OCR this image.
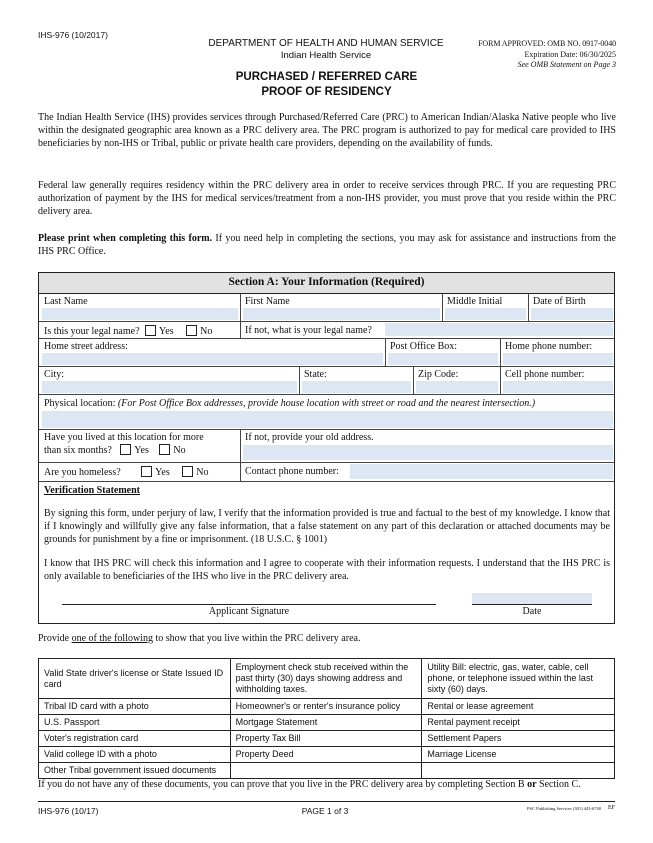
IHS-976 (10/2017)
DEPARTMENT OF HEALTH AND HUMAN SERVICE
Indian Health Service
FORM APPROVED: OMB NO. 0917-0040
Expiration Date: 06/30/2025
See OMB Statement on Page 3
PURCHASED / REFERRED CARE
PROOF OF RESIDENCY
The Indian Health Service (IHS) provides services through Purchased/Referred Care (PRC) to American Indian/Alaska Native people who live within the designated geographic area known as a PRC delivery area. The PRC program is authorized to pay for medical care provided to IHS beneficiaries by non-IHS or Tribal, public or private health care providers, depending on the availability of funds.
Federal law generally requires residency within the PRC delivery area in order to receive services through PRC. If you are requesting PRC authorization of payment by the IHS for medical services/treatment from a non-IHS provider, you must prove that you reside within the PRC delivery area.
Please print when completing this form. If you need help in completing the sections, you may ask for assistance and instructions from the IHS PRC Office.
Section A: Your Information (Required)
Last Name	First Name	Middle Initial	Date of Birth
Is this your legal name? Yes	No	If not, what is your legal name?
Home street address:	Post Office Box:	Home phone number:
City:	State:	Zip Code:	Cell phone number:
Physical location: (For Post Office Box addresses, provide house location with street or road and the nearest intersection.)
Have you lived at this location for more
than six months? Yes No
If not, provide your old address.
Are you homeless?	Yes	No	Contact phone number:
Verification Statement
By signing this form, under perjury of law, I verify that the information provided is true and factual to the best of my knowledge. I know that if I knowingly and willfully give any false information, that a false statement on any part of this declaration or attached documents may be grounds for punishment by a fine or imprisonment. (18 U.S.C. § 1001)
I know that IHS PRC will check this information and I agree to cooperate with their information requests. I understand that the IHS PRC is only available to beneficiaries of the IHS who live in the PRC delivery area.
Applicant Signature	Date
Provide one of the following to show that you live within the PRC delivery area.
Valid State driver's license or State Issued ID card	Employment check stub received within the past thirty (30) days showing address and withholding taxes.	Utility Bill: electric, gas, water, cable, cell phone, or telephone issued within the last sixty (60) days.
Tribal ID card with a photo	Homeowner's or renter's insurance policy	Rental or lease agreement
U.S. Passport	Mortgage Statement	Rental payment receipt
Voter's registration card	Property Tax Bill	Settlement Papers
Valid college ID with a photo	Property Deed	Marriage License
Other Tribal government issued documents		
If you do not have any of these documents, you can prove that you live in the PRC delivery area by completing Section B or Section C.
IHS-976 (10/17)	PAGE 1 of 3	PSC Publishing Services (301) 443-6740 EF
